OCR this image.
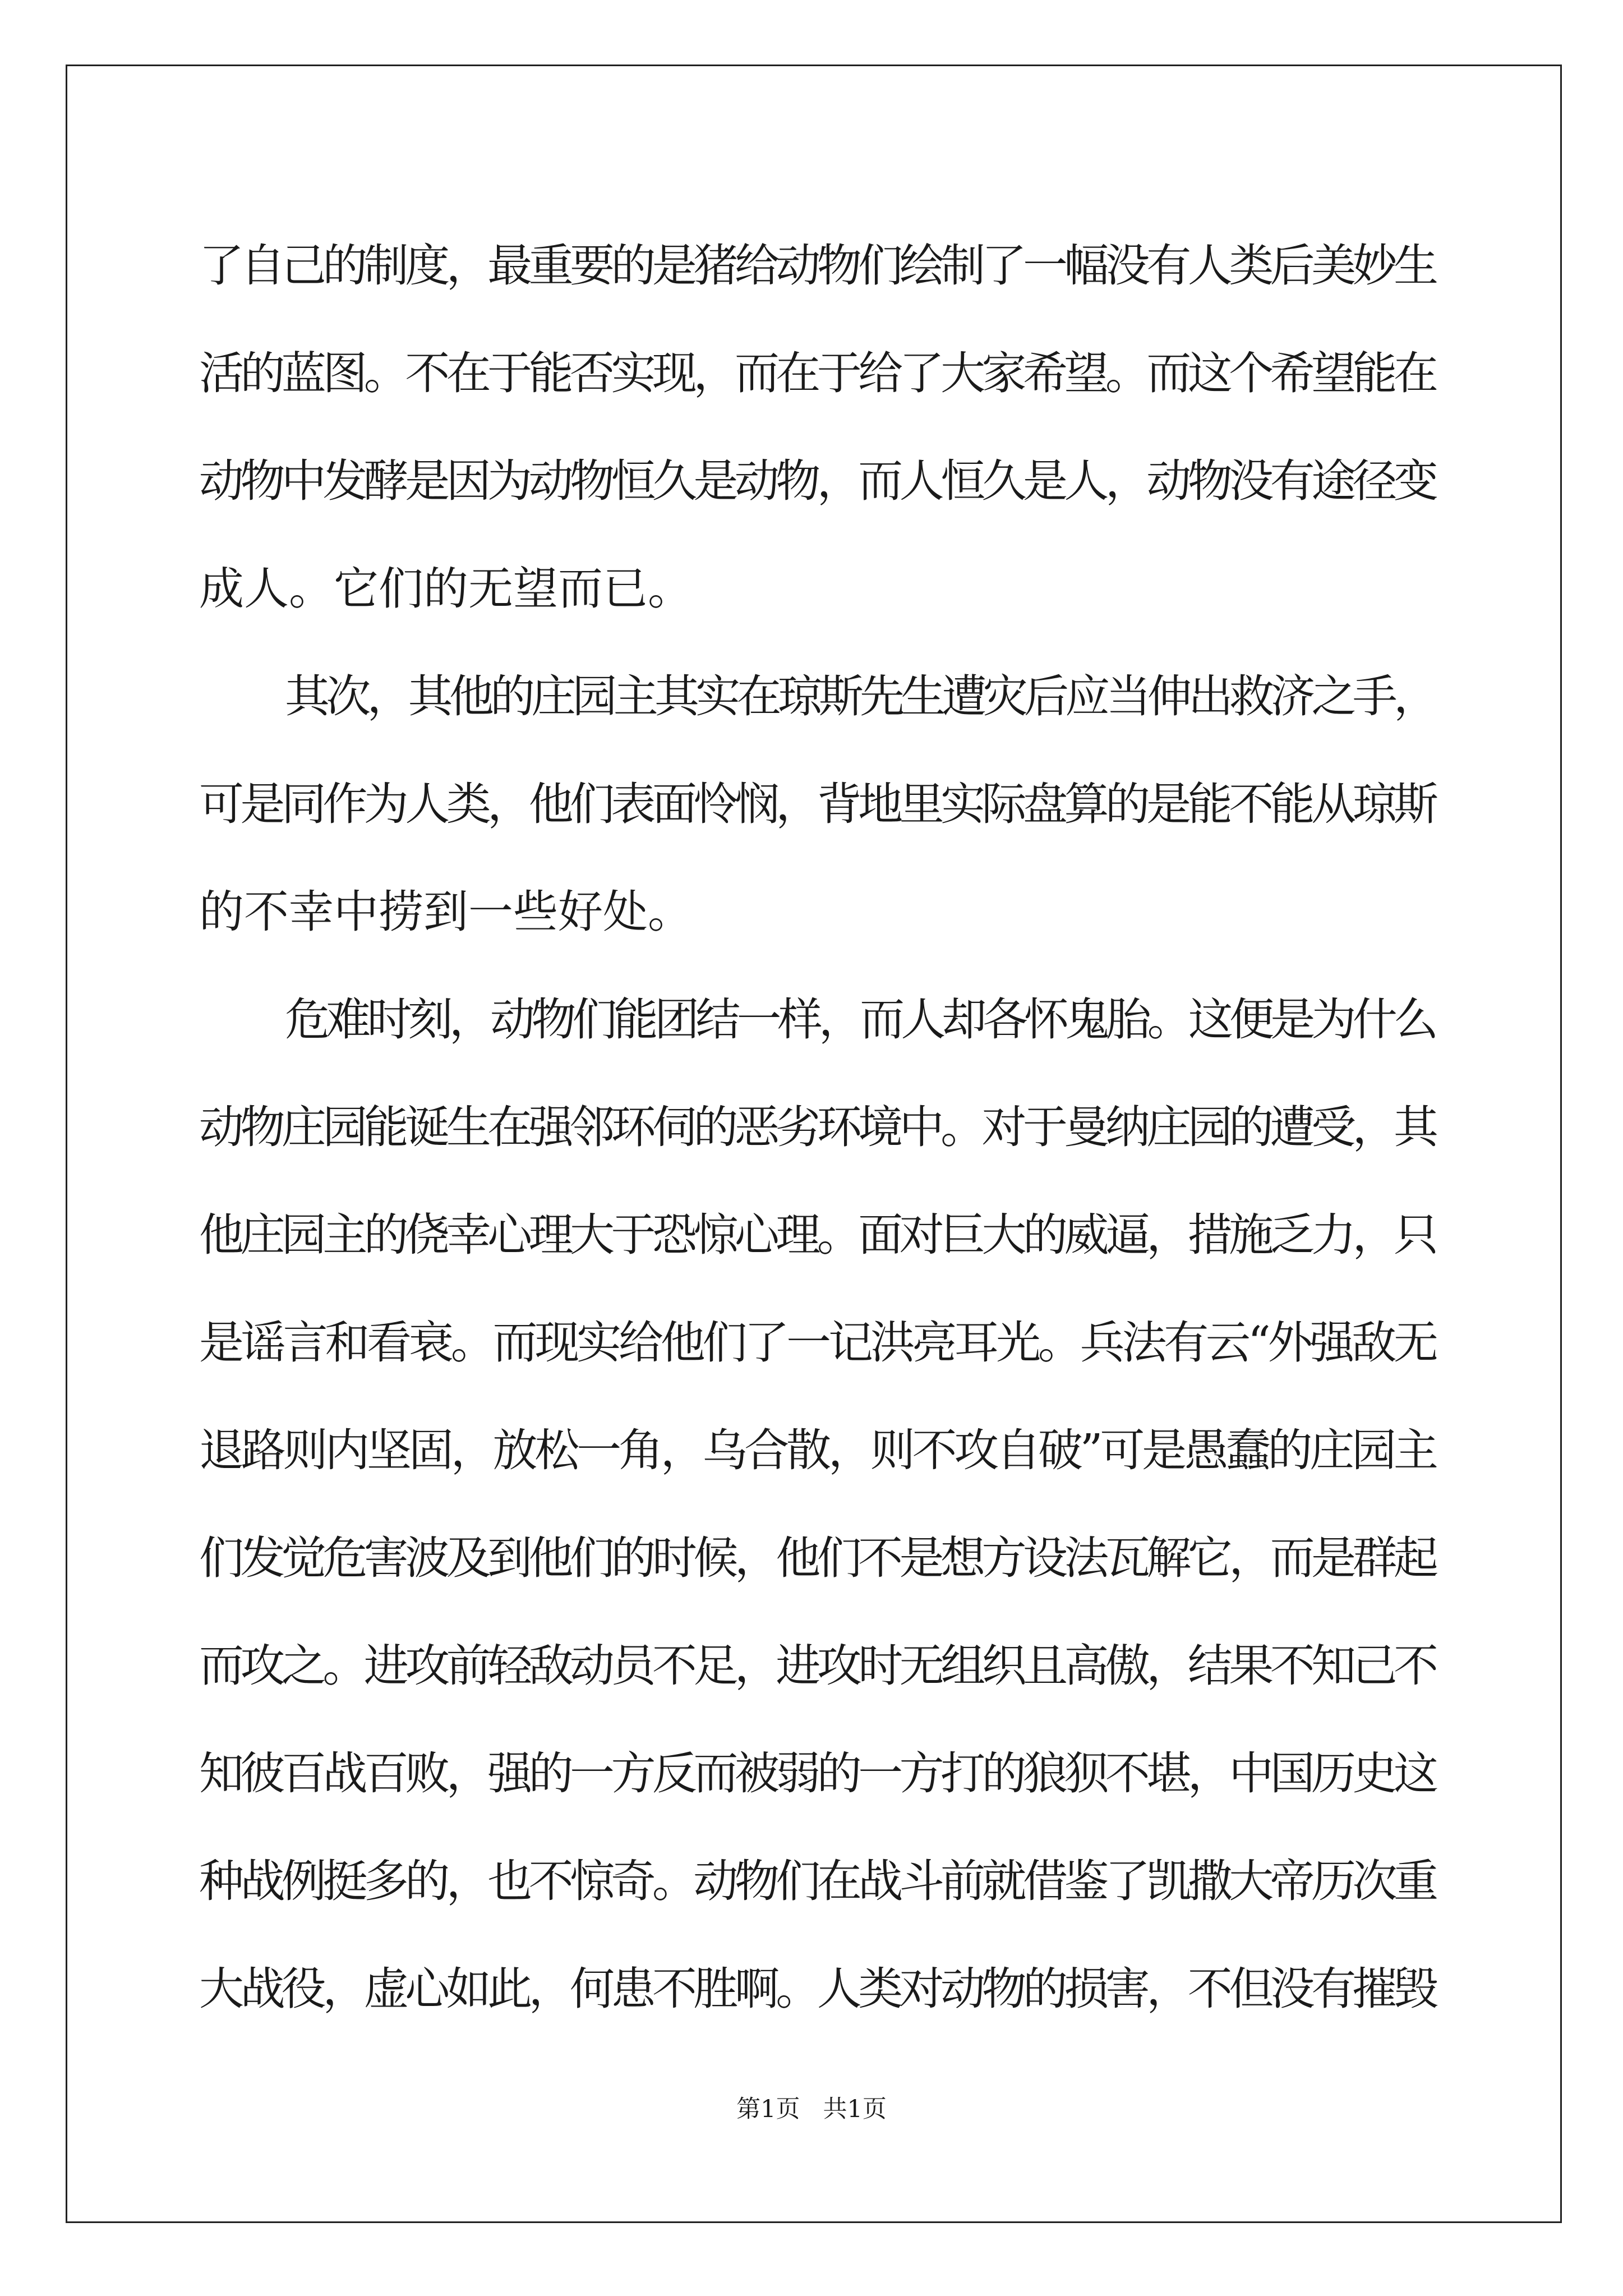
了自己的制度，最重要的是猪给动物们绘制了一幅没有人类后美妙生
活的蓝图。不在于能否实现，而在于给了大家希望。而这个希望能在
动物中发酵是因为动物恒久是动物，而人恒久是人，动物没有途径变
成人。它们的无望而已。
其次，其他的庄园主其实在琼斯先生遭灾后应当伸出救济之手，
可是同作为人类，他们表面怜悯，背地里实际盘算的是能不能从琼斯
的不幸中捞到一些好处。
危难时刻，动物们能团结一样，而人却各怀鬼胎。这便是为什么
动物庄园能诞生在强邻环伺的恶劣环境中。对于曼纳庄园的遭受，其
他庄园主的侥幸心理大于恐惊心理。面对巨大的威逼，措施乏力，只
是谣言和看衰。而现实给他们了一记洪亮耳光。兵法有云“外强敌无
退路则内坚固，放松一角，乌合散，则不攻自破”可是愚蠢的庄园主
们发觉危害波及到他们的时候，他们不是想方设法瓦解它，而是群起
而攻之。进攻前轻敌动员不足，进攻时无组织且高傲，结果不知己不
知彼百战百败，强的一方反而被弱的一方打的狼狈不堪，中国历史这
种战例挺多的，也不惊奇。动物们在战斗前就借鉴了凯撒大帝历次重
大战役，虚心如此，何患不胜啊。人类对动物的损害，不但没有摧毁
第1页   共1页
